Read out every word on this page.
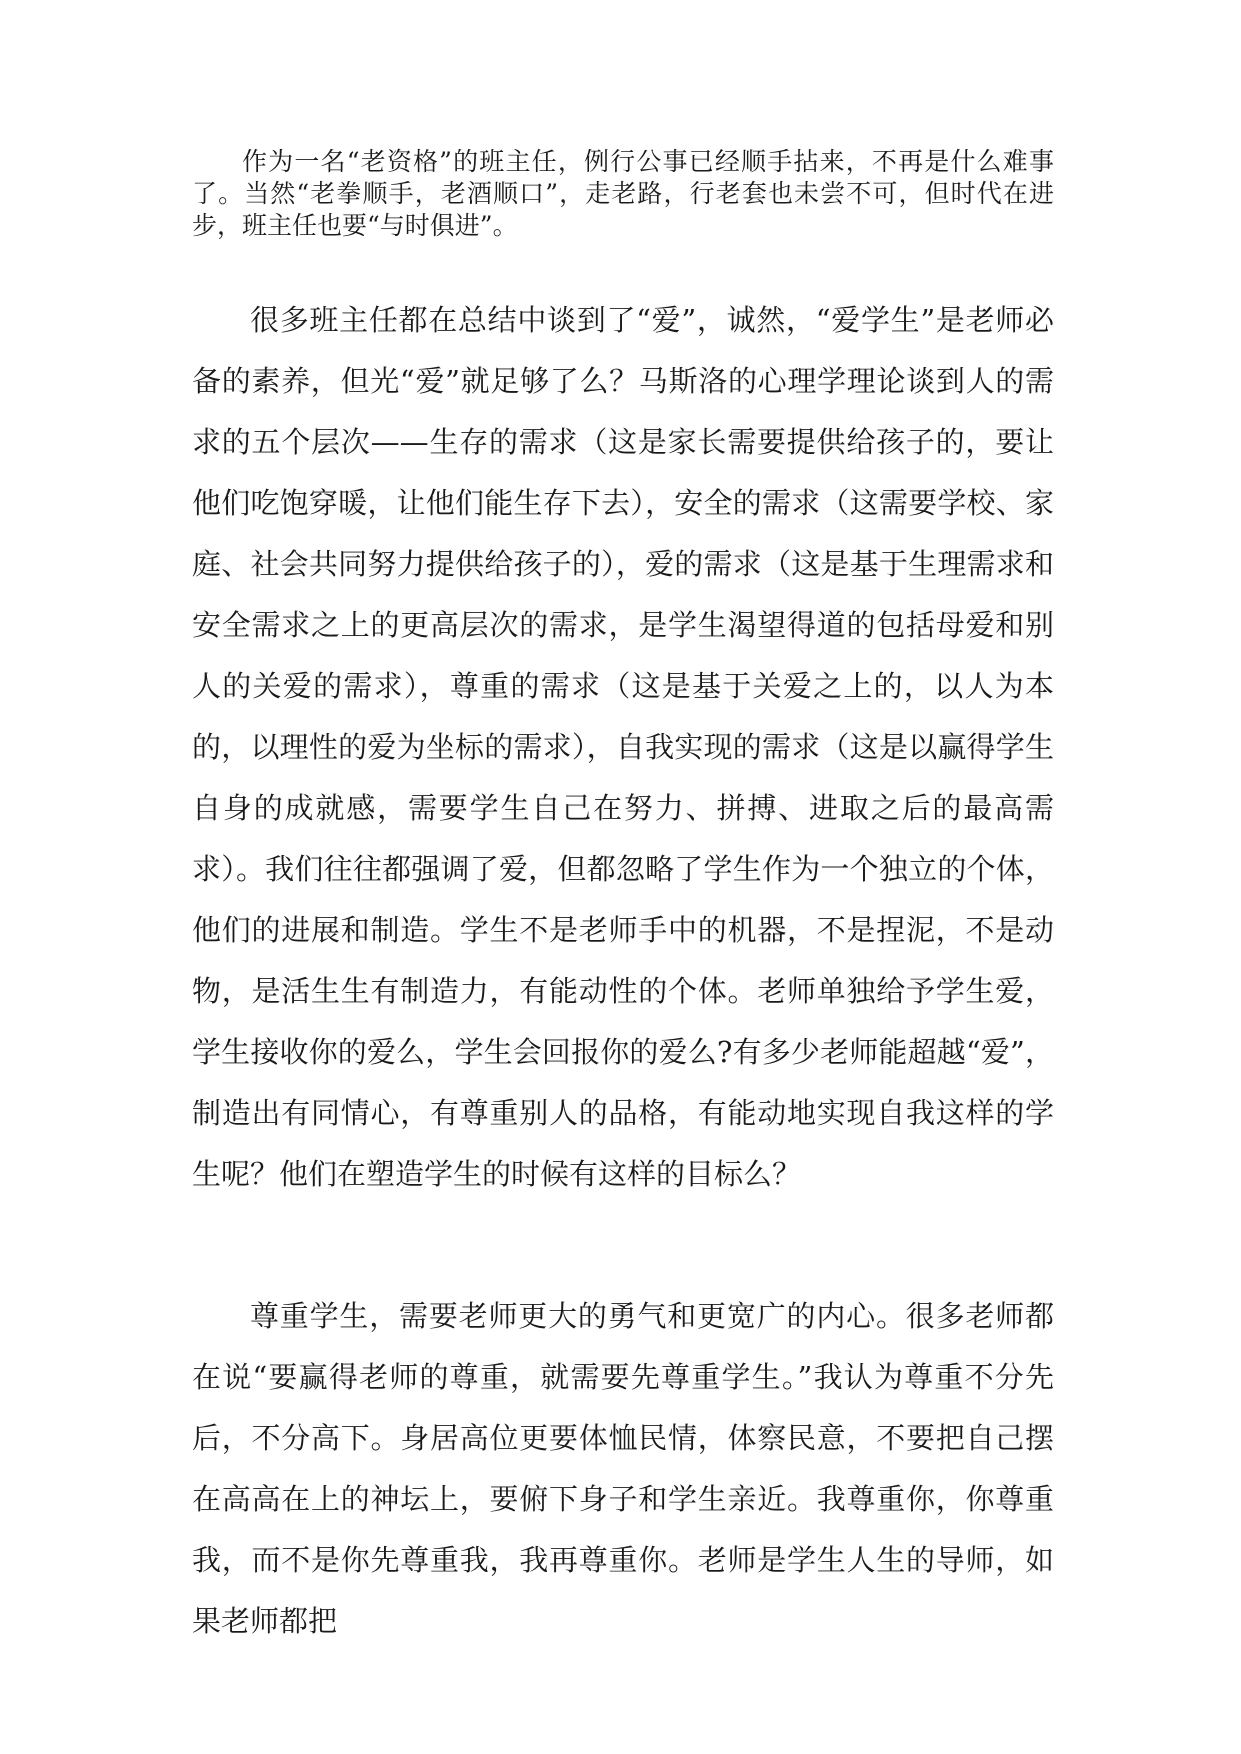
作为一名“老资格”的班主任，例行公事已经顺手拈来，不再是什么难事了。当然“老拳顺手，老酒顺口”，走老路，行老套也未尝不可，但时代在进步，班主任也要“与时俱进”。

很多班主任都在总结中谈到了“爱”，诚然，“爱学生”是老师必备的素养，但光“爱”就足够了么？马斯洛的心理学理论谈到人的需求的五个层次——生存的需求（这是家长需要提供给孩子的，要让他们吃饱穿暖，让他们能生存下去），安全的需求（这需要学校、家庭、社会共同努力提供给孩子的），爱的需求（这是基于生理需求和安全需求之上的更高层次的需求，是学生渴望得道的包括母爱和别人的关爱的需求），尊重的需求（这是基于关爱之上的，以人为本的，以理性的爱为坐标的需求），自我实现的需求（这是以赢得学生自身的成就感，需要学生自己在努力、拼搏、进取之后的最高需求）。我们往往都强调了爱，但都忽略了学生作为一个独立的个体，他们的进展和制造。学生不是老师手中的机器，不是捏泥，不是动物，是活生生有制造力，有能动性的个体。老师单独给予学生爱，学生接收你的爱么，学生会回报你的爱么?有多少老师能超越“爱”，制造出有同情心，有尊重别人的品格，有能动地实现自我这样的学生呢？他们在塑造学生的时候有这样的目标么？

尊重学生，需要老师更大的勇气和更宽广的内心。很多老师都在说“要赢得老师的尊重，就需要先尊重学生。”我认为尊重不分先后，不分高下。身居高位更要体恤民情，体察民意，不要把自己摆在高高在上的神坛上，要俯下身子和学生亲近。我尊重你，你尊重我，而不是你先尊重我，我再尊重你。老师是学生人生的导师，如果老师都把
